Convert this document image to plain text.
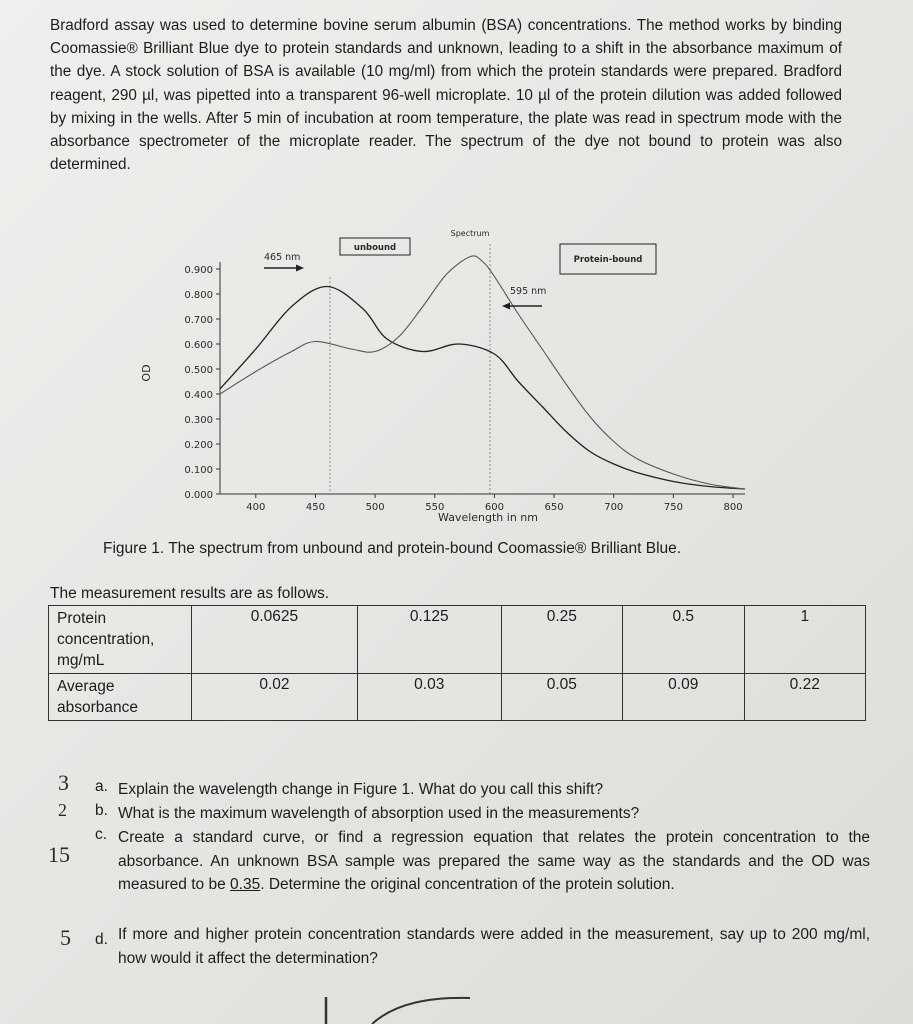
Bradford assay was used to determine bovine serum albumin (BSA) concentrations. The method works by binding Coomassie® Brilliant Blue dye to protein standards and unknown, leading to a shift in the absorbance maximum of the dye. A stock solution of BSA is available (10 mg/ml) from which the protein standards were prepared. Bradford reagent, 290 µl, was pipetted into a transparent 96-well microplate. 10 µl of the protein dilution was added followed by mixing in the wells. After 5 min of incubation at room temperature, the plate was read in spectrum mode with the absorbance spectrometer of the microplate reader. The spectrum of the dye not bound to protein was also determined.

Spectrum
0.000
0.100
0.200
0.300
0.400
0.500
0.600
0.700
0.800
0.900
400	450	500	550	600	650	700	750	800
OD
Wavelength in nm
465 nm
595 nm
unbound
Protein-bound

Figure 1. The spectrum from unbound and protein-bound Coomassie® Brilliant Blue.

The measurement results are as follows.

Protein concentration, mg/mL	0.0625	0.125	0.25	0.5	1
Average absorbance	0.02	0.03	0.05	0.09	0.22
3 a. Explain the wavelength change in Figure 1. What do you call this shift?

2 b. What is the maximum wavelength of absorption used in the measurements?

15
c. Create a standard curve, or find a regression equation that relates the protein concentration to the absorbance. An unknown BSA sample was prepared the same way as the standards and the OD was measured to be 0.35. Determine the original concentration of the protein solution.

5 d. If more and higher protein concentration standards were added in the measurement, say up to 200 mg/ml, how would it affect the determination?
